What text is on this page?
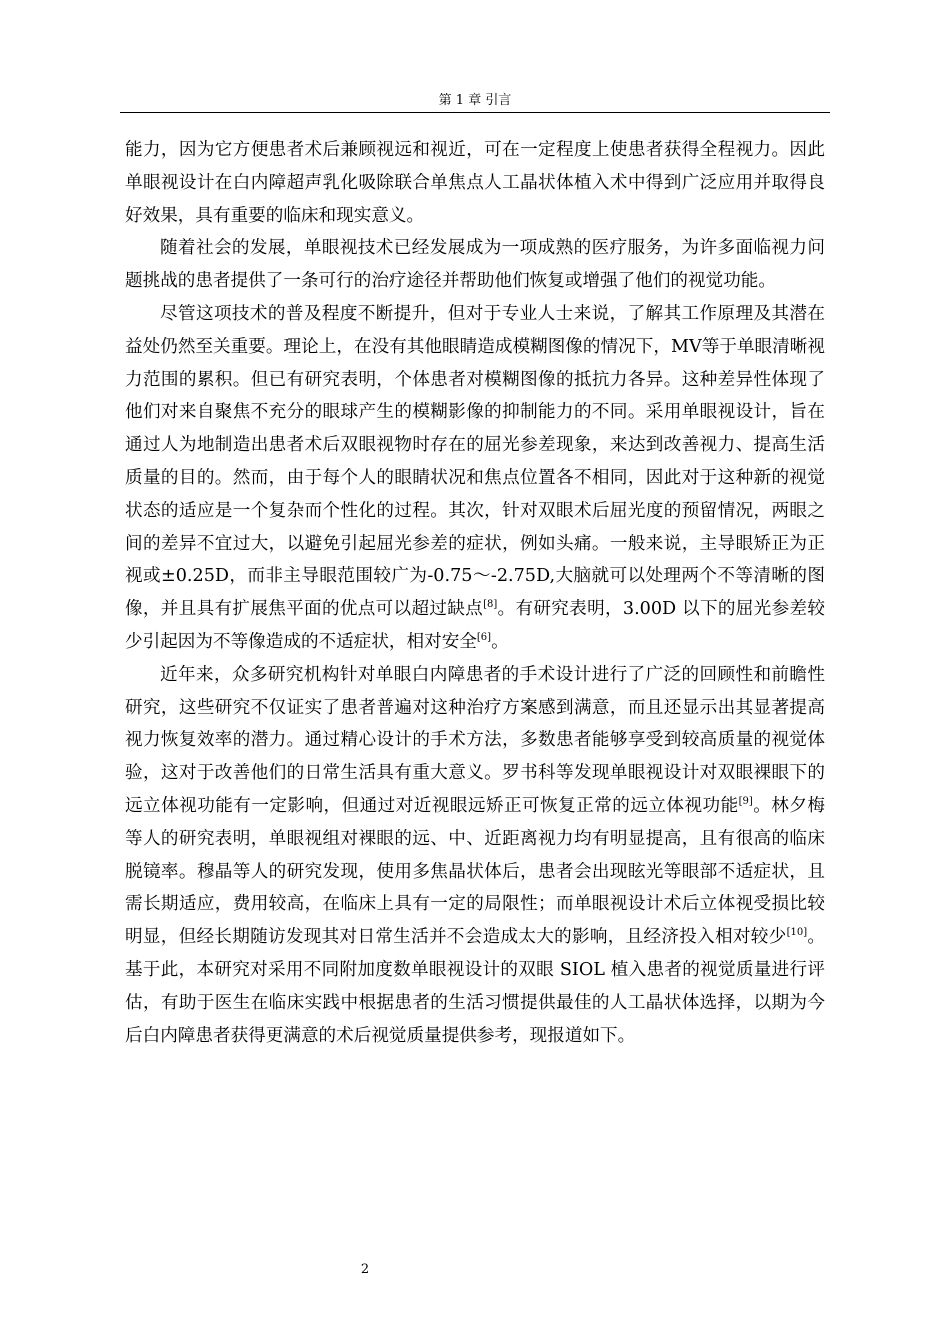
第 1 章 引言

能力，因为它方便患者术后兼顾视远和视近，可在一定程度上使患者获得全程视力。因此单眼视设计在白内障超声乳化吸除联合单焦点人工晶状体植入术中得到广泛应用并取得良好效果，具有重要的临床和现实意义。

随着社会的发展，单眼视技术已经发展成为一项成熟的医疗服务，为许多面临视力问题挑战的患者提供了一条可行的治疗途径并帮助他们恢复或增强了他们的视觉功能。

尽管这项技术的普及程度不断提升，但对于专业人士来说，了解其工作原理及其潜在益处仍然至关重要。理论上，在没有其他眼睛造成模糊图像的情况下，MV等于单眼清晰视力范围的累积。但已有研究表明，个体患者对模糊图像的抵抗力各异。这种差异性体现了他们对来自聚焦不充分的眼球产生的模糊影像的抑制能力的不同。采用单眼视设计，旨在通过人为地制造出患者术后双眼视物时存在的屈光参差现象，来达到改善视力、提高生活质量的目的。然而，由于每个人的眼睛状况和焦点位置各不相同，因此对于这种新的视觉状态的适应是一个复杂而个性化的过程。其次，针对双眼术后屈光度的预留情况，两眼之间的差异不宜过大，以避免引起屈光参差的症状，例如头痛。一般来说，主导眼矫正为正视或±0.25D，而非主导眼范围较广为-0.75～-2.75D,大脑就可以处理两个不等清晰的图像，并且具有扩展焦平面的优点可以超过缺点[8]。有研究表明，3.00D 以下的屈光参差较少引起因为不等像造成的不适症状，相对安全[6]。

近年来，众多研究机构针对单眼白内障患者的手术设计进行了广泛的回顾性和前瞻性研究，这些研究不仅证实了患者普遍对这种治疗方案感到满意，而且还显示出其显著提高视力恢复效率的潜力。通过精心设计的手术方法，多数患者能够享受到较高质量的视觉体验，这对于改善他们的日常生活具有重大意义。罗书科等发现单眼视设计对双眼裸眼下的远立体视功能有一定影响，但通过对近视眼远矫正可恢复正常的远立体视功能[9]。林夕梅等人的研究表明，单眼视组对裸眼的远、中、近距离视力均有明显提高，且有很高的临床脱镜率。穆晶等人的研究发现，使用多焦晶状体后，患者会出现眩光等眼部不适症状，且需长期适应，费用较高，在临床上具有一定的局限性；而单眼视设计术后立体视受损比较明显，但经长期随访发现其对日常生活并不会造成太大的影响，且经济投入相对较少[10]。基于此，本研究对采用不同附加度数单眼视设计的双眼 SIOL 植入患者的视觉质量进行评估，有助于医生在临床实践中根据患者的生活习惯提供最佳的人工晶状体选择，以期为今后白内障患者获得更满意的术后视觉质量提供参考，现报道如下。

2
